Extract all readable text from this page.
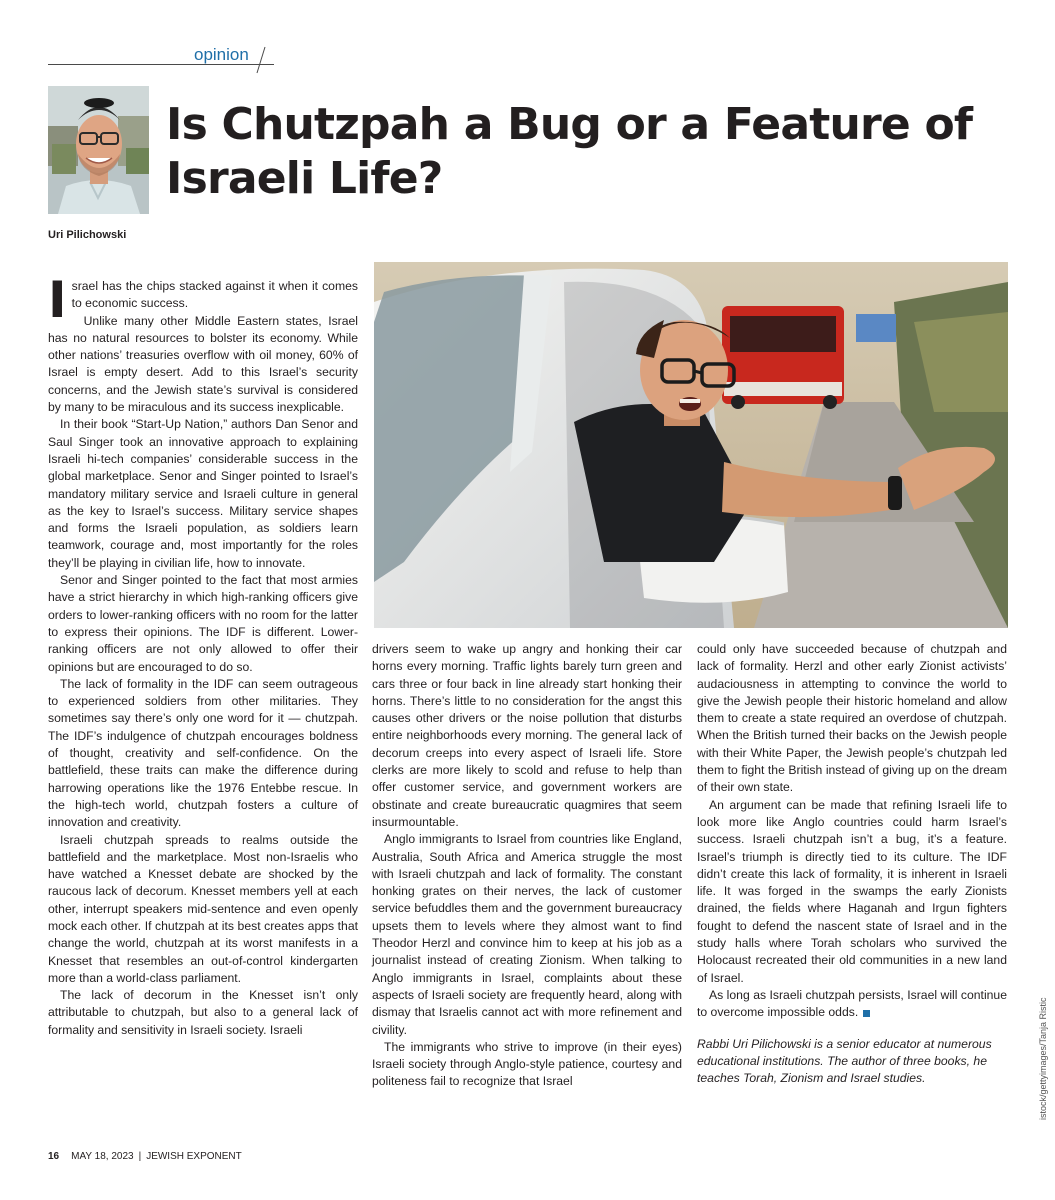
opinion
Is Chutzpah a Bug or a Feature of Israeli Life?
Uri Pilichowski

Israel has the chips stacked against it when it comes to economic success.

Unlike many other Middle Eastern states, Israel has no natural resources to bolster its economy. While other nations’ treasuries overflow with oil money, 60% of Israel is empty desert. Add to this Israel’s security concerns, and the Jewish state’s survival is considered by many to be miraculous and its success inexplicable.

In their book “Start-Up Nation,” authors Dan Senor and Saul Singer took an innovative approach to explaining Israeli hi-tech companies’ considerable success in the global marketplace. Senor and Singer pointed to Israel’s mandatory military service and Israeli culture in general as the key to Israel’s success. Military service shapes and forms the Israeli population, as soldiers learn teamwork, courage and, most importantly for the roles they’ll be playing in civilian life, how to innovate.

Senor and Singer pointed to the fact that most armies have a strict hierarchy in which high-ranking officers give orders to lower-ranking officers with no room for the latter to express their opinions. The IDF is different. Lower-ranking officers are not only allowed to offer their opinions but are encouraged to do so.

The lack of formality in the IDF can seem outrageous to experienced soldiers from other militaries. They sometimes say there’s only one word for it — chutzpah. The IDF’s indulgence of chutzpah encourages boldness of thought, creativity and self-confidence. On the battlefield, these traits can make the difference during harrowing operations like the 1976 Entebbe rescue. In the high-tech world, chutzpah fosters a culture of innovation and creativity.

Israeli chutzpah spreads to realms outside the battlefield and the marketplace. Most non-Israelis who have watched a Knesset debate are shocked by the raucous lack of decorum. Knesset members yell at each other, interrupt speakers mid-sentence and even openly mock each other. If chutzpah at its best creates apps that change the world, chutzpah at its worst manifests in a Knesset that resembles an out-of-control kindergarten more than a world-class parliament.

The lack of decorum in the Knesset isn’t only attributable to chutzpah, but also to a general lack of formality and sensitivity in Israeli society. Israeli

drivers seem to wake up angry and honking their car horns every morning. Traffic lights barely turn green and cars three or four back in line already start honking their horns. There’s little to no consideration for the angst this causes other drivers or the noise pollution that disturbs entire neighborhoods every morning. The general lack of decorum creeps into every aspect of Israeli life. Store clerks are more likely to scold and refuse to help than offer customer service, and government workers are obstinate and create bureaucratic quagmires that seem insurmountable.

Anglo immigrants to Israel from countries like England, Australia, South Africa and America struggle the most with Israeli chutzpah and lack of formality. The constant honking grates on their nerves, the lack of customer service befuddles them and the government bureaucracy upsets them to levels where they almost want to find Theodor Herzl and convince him to keep at his job as a journalist instead of creating Zionism. When talking to Anglo immigrants in Israel, complaints about these aspects of Israeli society are frequently heard, along with dismay that Israelis cannot act with more refinement and civility.

The immigrants who strive to improve (in their eyes) Israeli society through Anglo-style patience, courtesy and politeness fail to recognize that Israel

could only have succeeded because of chutzpah and lack of formality. Herzl and other early Zionist activists’ audaciousness in attempting to convince the world to give the Jewish people their historic homeland and allow them to create a state required an overdose of chutzpah. When the British turned their backs on the Jewish people with their White Paper, the Jewish people’s chutzpah led them to fight the British instead of giving up on the dream of their own state.

An argument can be made that refining Israeli life to look more like Anglo countries could harm Israel’s success. Israeli chutzpah isn’t a bug, it’s a feature. Israel’s triumph is directly tied to its culture. The IDF didn’t create this lack of formality, it is inherent in Israeli life. It was forged in the swamps the early Zionists drained, the fields where Haganah and Irgun fighters fought to defend the nascent state of Israel and in the study halls where Torah scholars who survived the Holocaust recreated their old communities in a new land of Israel.

As long as Israeli chutzpah persists, Israel will continue to overcome impossible odds.

Rabbi Uri Pilichowski is a senior educator at numerous educational institutions. The author of three books, he teaches Torah, Zionism and Israel studies.	istock/gettyimages/Tanja Ristic
16 MAY 18, 2023 | JEWISH EXPONENT
